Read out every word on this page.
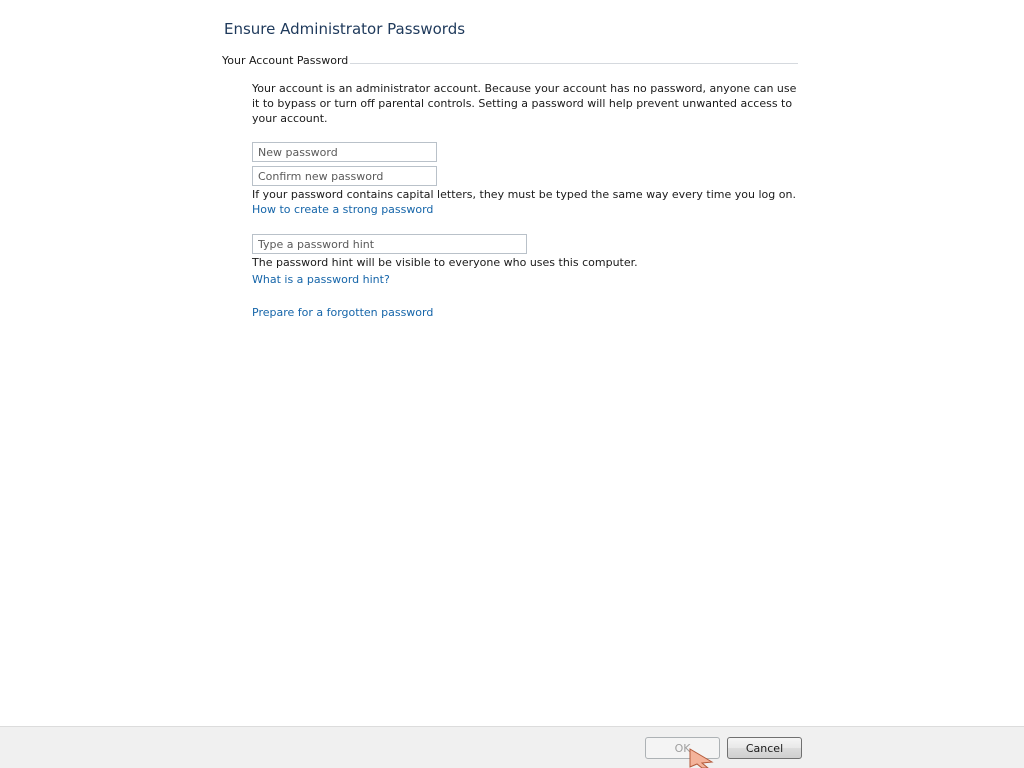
Ensure Administrator Passwords
Your Account Password
Your account is an administrator account. Because your account has no password, anyone can use it to bypass or turn off parental controls. Setting a password will help prevent unwanted access to your account.
If your password contains capital letters, they must be typed the same way every time you log on.
How to create a strong password
Type a password hint
The password hint will be visible to everyone who uses this computer.
What is a password hint?
Prepare for a forgotten password
OK	Cancel
